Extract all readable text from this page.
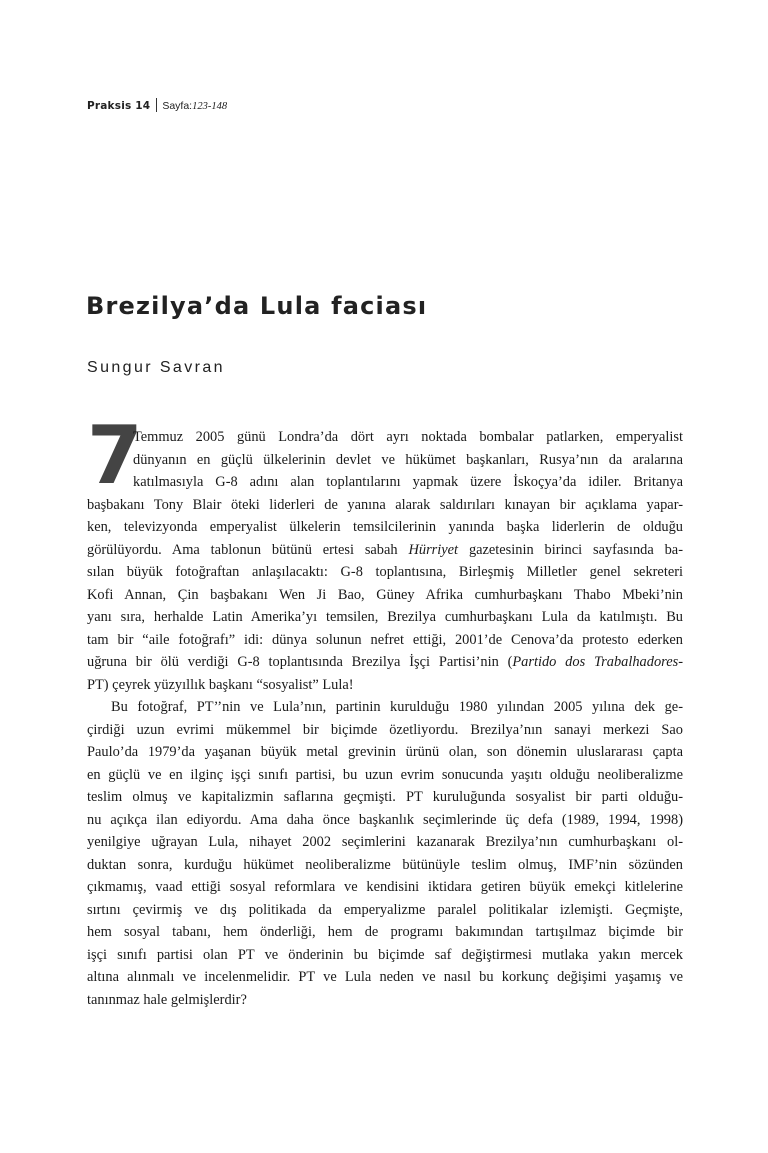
Praksis 14 Sayfa:123-148
Brezilya’da Lula faciası
Sungur Savran
7
Temmuz 2005 günü Londra’da dört ayrı noktada bombalar patlarken, emperyalist
dünyanın en güçlü ülkelerinin devlet ve hükümet başkanları, Rusya’nın da aralarına
katılmasıyla G-8 adını alan toplantılarını yapmak üzere İskoçya’da idiler. Britanya
başbakanı Tony Blair öteki liderleri de yanına alarak saldırıları kınayan bir açıklama yapar-
ken, televizyonda emperyalist ülkelerin temsilcilerinin yanında başka liderlerin de olduğu
görülüyordu. Ama tablonun bütünü ertesi sabah Hürriyet gazetesinin birinci sayfasında ba-
sılan büyük fotoğraftan anlaşılacaktı: G-8 toplantısına, Birleşmiş Milletler genel sekreteri
Kofi Annan, Çin başbakanı Wen Ji Bao, Güney Afrika cumhurbaşkanı Thabo Mbeki’nin
yanı sıra, herhalde Latin Amerika’yı temsilen, Brezilya cumhurbaşkanı Lula da katılmıştı. Bu
tam bir “aile fotoğrafı” idi: dünya solunun nefret ettiği, 2001’de Cenova’da protesto ederken
uğruna bir ölü verdiği G-8 toplantısında Brezilya İşçi Partisi’nin (Partido dos Trabalhadores-
PT) çeyrek yüzyıllık başkanı “sosyalist” Lula!
Bu fotoğraf, PT’’nin ve Lula’nın, partinin kurulduğu 1980 yılından 2005 yılına dek ge-
çirdiği uzun evrimi mükemmel bir biçimde özetliyordu. Brezilya’nın sanayi merkezi Sao
Paulo’da 1979’da yaşanan büyük metal grevinin ürünü olan, son dönemin uluslararası çapta
en güçlü ve en ilginç işçi sınıfı partisi, bu uzun evrim sonucunda yaşıtı olduğu neoliberalizme
teslim olmuş ve kapitalizmin saflarına geçmişti. PT kuruluğunda sosyalist bir parti olduğu-
nu açıkça ilan ediyordu. Ama daha önce başkanlık seçimlerinde üç defa (1989, 1994, 1998)
yenilgiye uğrayan Lula, nihayet 2002 seçimlerini kazanarak Brezilya’nın cumhurbaşkanı ol-
duktan sonra, kurduğu hükümet neoliberalizme bütünüyle teslim olmuş, IMF’nin sözünden
çıkmamış, vaad ettiği sosyal reformlara ve kendisini iktidara getiren büyük emekçi kitlelerine
sırtını çevirmiş ve dış politikada da emperyalizme paralel politikalar izlemişti. Geçmişte,
hem sosyal tabanı, hem önderliği, hem de programı bakımından tartışılmaz biçimde bir
işçi sınıfı partisi olan PT ve önderinin bu biçimde saf değiştirmesi mutlaka yakın mercek
altına alınmalı ve incelenmelidir. PT ve Lula neden ve nasıl bu korkunç değişimi yaşamış ve
tanınmaz hale gelmişlerdir?
